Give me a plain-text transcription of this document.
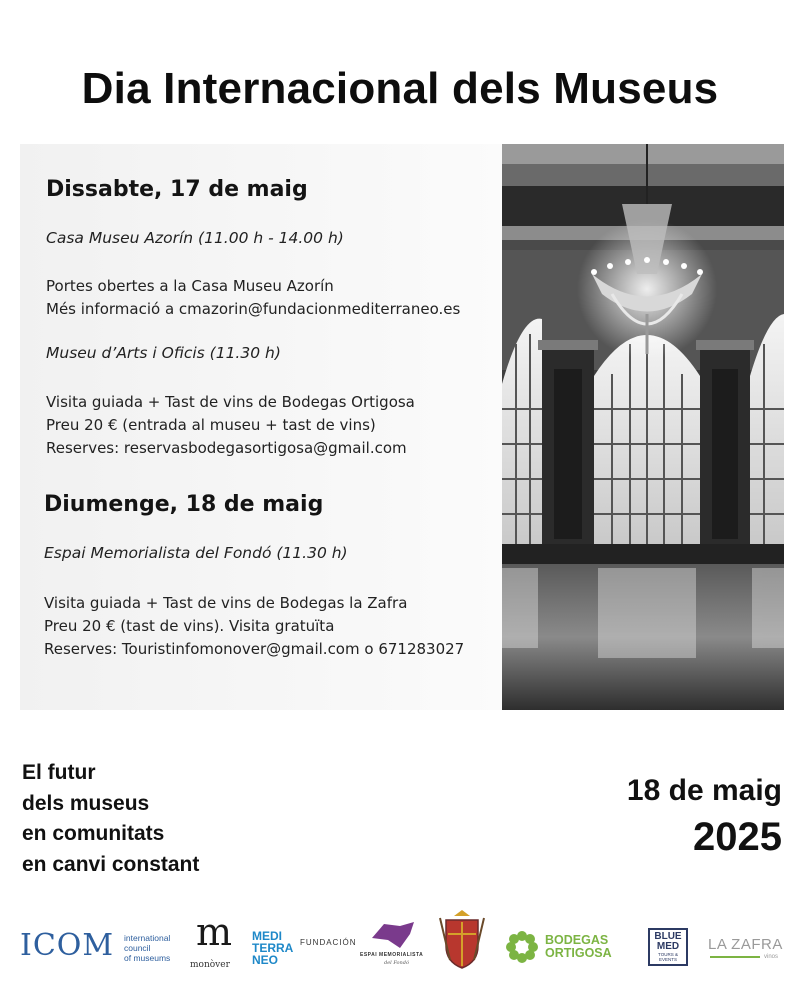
Dia Internacional dels Museus
Dissabte, 17 de maig
Casa Museu Azorín (11.00 h - 14.00 h)
Portes obertes a la Casa Museu Azorín
Més informació a cmazorin@fundacionmediterraneo.es
Museu d’Arts i Oficis (11.30 h)
Visita guiada + Tast de vins de Bodegas Ortigosa
Preu 20 € (entrada al museu + tast de vins)
Reserves: reservasbodegasortigosa@gmail.com
Diumenge, 18 de maig
Espai Memorialista del Fondó (11.30 h)
Visita guiada + Tast de vins de Bodegas la Zafra
Preu 20 € (tast de vins). Visita gratuïta
Reserves: Touristinfomonover@gmail.com o 671283027
El futur
dels museus
en comunitats
en canvi constant
18 de maig
2025
ICOM international
council
of museums
m
monòver
MEDI
TERRA
NEO
FUNDACIÓN
ESPAI MEMORIALISTA
del Fondó
BODEGAS
ORTIGOSA
BLUE
MED
TOURS &
EVENTS
LA ZAFRA
vinos
